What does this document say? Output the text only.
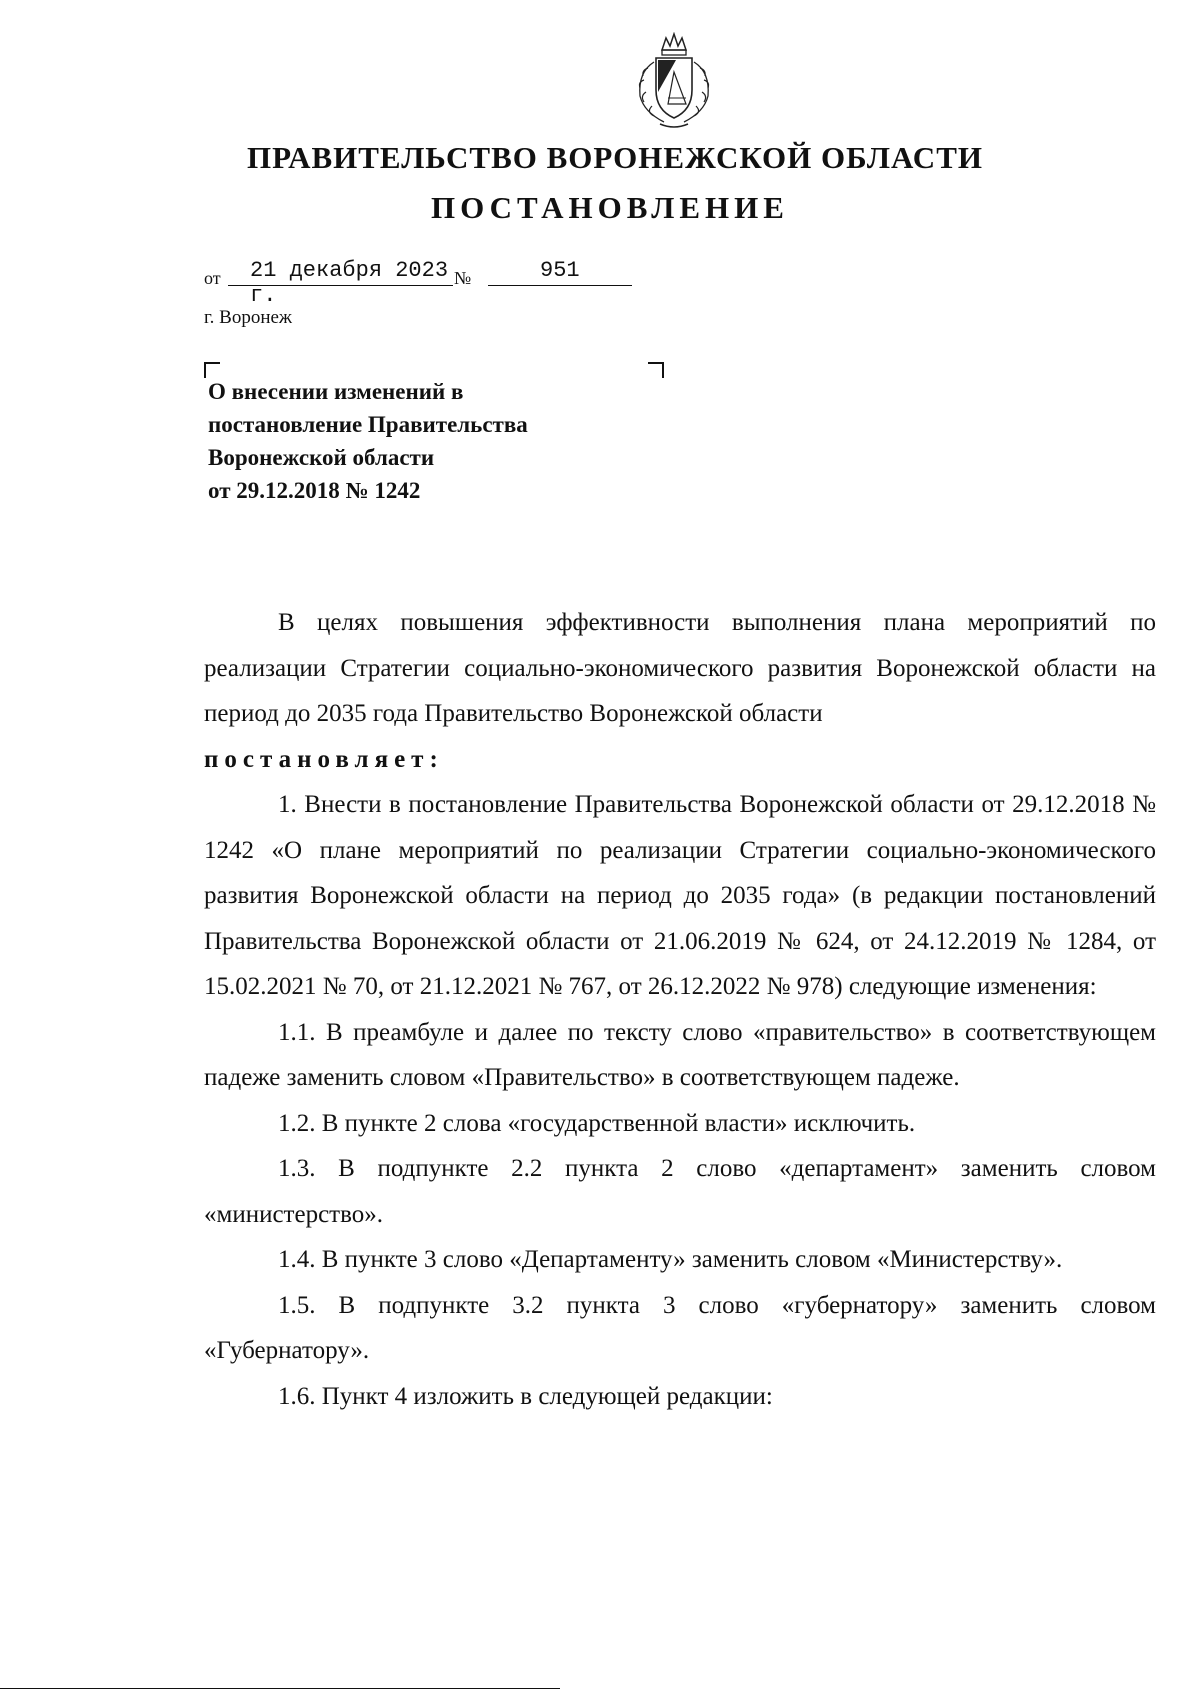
ПРАВИТЕЛЬСТВО ВОРОНЕЖСКОЙ ОБЛАСТИ
ПОСТАНОВЛЕНИЕ
от	21 декабря 2023 г.
№	951
г. Воронеж
О внесении изменений в
постановление Правительства
Воронежской области
от 29.12.2018 № 1242

В целях повышения эффективности выполнения плана мероприятий по реализации Стратегии социально-экономического развития Воронежской области на период до 2035 года Правительство Воронежской области

постановляет:

1. Внести в постановление Правительства Воронежской области от 29.12.2018 № 1242 «О плане мероприятий по реализации Стратегии социально-экономического развития Воронежской области на период до 2035 года» (в редакции постановлений Правительства Воронежской области от 21.06.2019 № 624, от 24.12.2019 № 1284, от 15.02.2021 № 70, от 21.12.2021 № 767, от 26.12.2022 № 978) следующие изменения:

1.1. В преамбуле и далее по тексту слово «правительство» в соответствующем падеже заменить словом «Правительство» в соответствующем падеже.

1.2. В пункте 2 слова «государственной власти» исключить.

1.3. В подпункте 2.2 пункта 2 слово «департамент» заменить словом «министерство».

1.4. В пункте 3 слово «Департаменту» заменить словом «Министерству».

1.5. В подпункте 3.2 пункта 3 слово «губернатору» заменить словом «Губернатору».

1.6. Пункт 4 изложить в следующей редакции:
